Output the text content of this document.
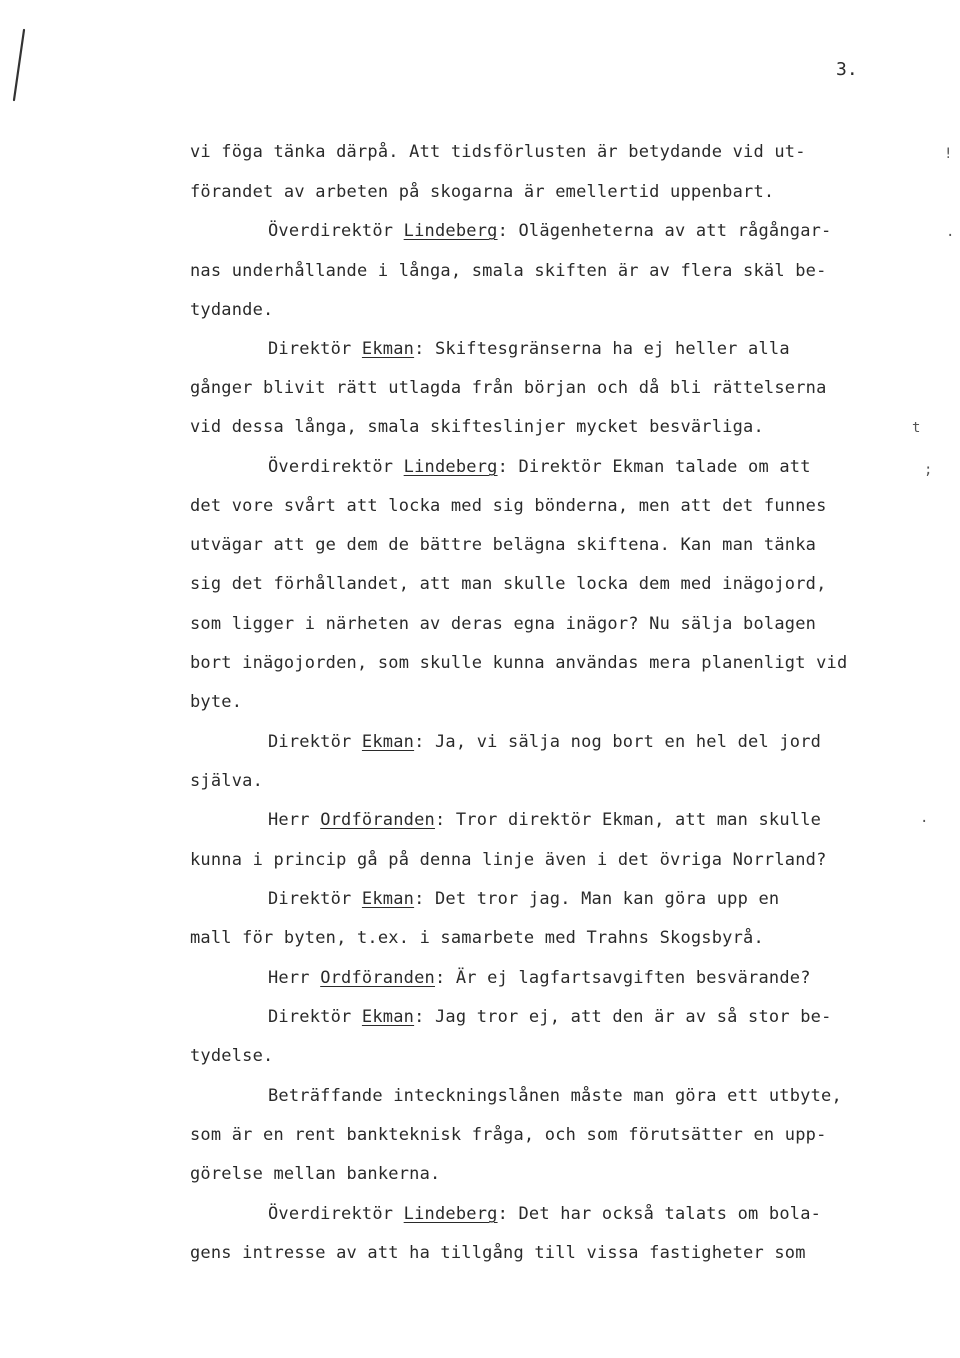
3.
!
.
t
;
·
vi föga tänka därpå. Att tidsförlusten är betydande vid ut-
förandet av arbeten på skogarna är emellertid uppenbart.
Överdirektör Lindeberg: Olägenheterna av att rågångar-
nas underhållande i långa, smala skiften är av flera skäl be-
tydande.
Direktör Ekman: Skiftesgränserna ha ej heller alla
gånger blivit rätt utlagda från början och då bli rättelserna
vid dessa långa, smala skifteslinjer mycket besvärliga.
Överdirektör Lindeberg: Direktör Ekman talade om att
det vore svårt att locka med sig bönderna, men att det funnes
utvägar att ge dem de bättre belägna skiftena. Kan man tänka
sig det förhållandet, att man skulle locka dem med inägojord,
som ligger i närheten av deras egna inägor? Nu sälja bolagen
bort inägojorden, som skulle kunna användas mera planenligt vid
byte.
Direktör Ekman: Ja, vi sälja nog bort en hel del jord
själva.
Herr Ordföranden: Tror direktör Ekman, att man skulle
kunna i princip gå på denna linje även i det övriga Norrland?
Direktör Ekman: Det tror jag. Man kan göra upp en
mall för byten, t.ex. i samarbete med Trahns Skogsbyrå.
Herr Ordföranden: Är ej lagfartsavgiften besvärande?
Direktör Ekman: Jag tror ej, att den är av så stor be-
tydelse.
Beträffande inteckningslånen måste man göra ett utbyte,
som är en rent bankteknisk fråga, och som förutsätter en upp-
görelse mellan bankerna.
Överdirektör Lindeberg: Det har också talats om bola-
gens intresse av att ha tillgång till vissa fastigheter som
